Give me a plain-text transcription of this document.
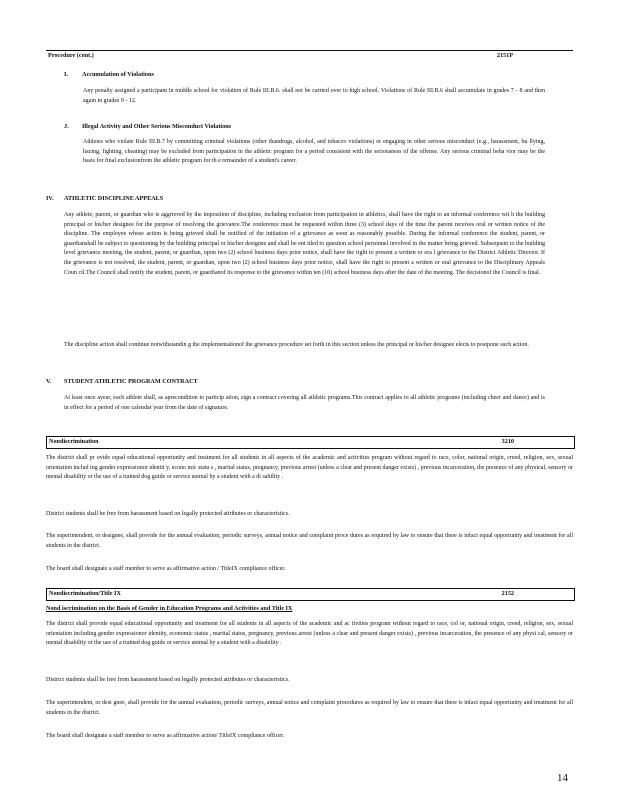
Procedure (cont.)	2151P
I. Accumulation of Violations
Any penalty assigned a participant in middle school for violation of Rule III.B.6. shall not be carried over to high school. Violations of Rule III.B.6 shall accumulate in grades 7 - 8 and then again in grades 9 - 12.
J. Illegal Activity and Other Serious Misconduct Violations
Athletes who violate Rule III.B.7 by committing criminal violations (other thandrugs, alcohol, and tobacco violations) or engaging in other serious misconduct (e.g., harassment, bu llying, hazing, fighting, cheating) may be excluded from participation in the athletic program for a period consistent with the seriousness of the offense. Any serious criminal beha vior may be the basis for final exclusionfrom the athletic program for th e remainder of a student's career.
IV. ATHLETIC DISCIPLINE APPEALS
Any athlete, parent, or guardian who is aggrieved by the imposition of discipline, including exclusion from participation in athletics, shall have the right to an informal conference wit h the building principal or his/her designee for the purpose of resolving the grievance.The conference must be requested within three (3) school days of the time the parent receives oral or written notice of the discipline. The employee whose action is being grieved shall be notified of the initiation of a grievance as soon as reasonably possible. During the informal conference the student, parent, or guardianshall be subject to questioning by the building principal or his/her designee and shall be ent itled to question school personnel involved in the matter being grieved. Subsequent to the building level grievance meeting, the student, parent, or guardian, upon two (2) school business days prior notice, shall have the right to present a written or ora l grievance to the District Athletic Director. If the grievance is not resolved, the student, parent, or guardian, upon two (2) school business days prior notice, shall have the right to present a written or oral grievance to the Disciplinary Appeals Coun cil.The Council shall notify the student, parent, or guardianof its response to the grievance within ten (10) school business days after the date of the meeting. The decisionof the Council is final.
The discipline action shall continue notwithstandin g the implementationof the grievance procedure set forth in this section unless the principal or his/her designee elects to postpone such action.
V. STUDENT ATHLETIC PROGRAM CONTRACT
At least once ayear, each athlete shall, as aprecondition to particip ation, sign a contract covering all athletic programs.This contract applies to all athletic programs (including cheer and dance) and is in effect for a period of one calendar year from the date of signature.
Nondiscrimination	3210
The district shall pr ovide equal educational opportunity and treatment for all students in all aspects of the academic and activities program without regard to race, color, national origin, creed, religion, sex, sexual orientation includ ing gender expressionor identit y, econo mic statu s , marital status, pregnancy, previous arrest (unless a clear and present danger exists) , previous incarceration, the presence of any physical, sensory or mental disability or the use of a trained dog guide or service animal by a student with a di sability .
District students shall be free from harassment based on legally protected attributes or characteristics.
The superintendent, or designee, shall provide for the annual evaluation, periodic surveys, annual notice and complaint proce dures as required by law to ensure that there is infact equal opportunity and treatment for all students in the district.
The board shall designate a staff member to serve as affirmative action / TitleIX compliance officer.
Nondiscrimination/Title IX	2152
Nond iscrimination on the Basis of Gender in Education Programs and Activities and Title IX
The district shall provide equal educational opportunity and treatment for all students in all aspects of the academic and ac tivities program without regard to race, col or, national origin, creed, religion, sex, sexual orientation including gender expressionor identity, economic status , marital status, pregnancy, previous arrest (unless a clear and present danger exists) , previous incarceration, the presence of any physi cal, sensory or mental disability or the use of a trained dog guide or service animal by a student with a disability .
District students shall be free from harassment based on legally protected attributes or characteristics.
The superintendent, or desi gnee, shall provide for the annual evaluation, periodic surveys, annual notice and complaint procedures as required by law to ensure that there is infact equal opportunity and treatment for all students in the district.
The board shall designate a staff member to serve as affirmative action/ TitleIX compliance officer.
14
